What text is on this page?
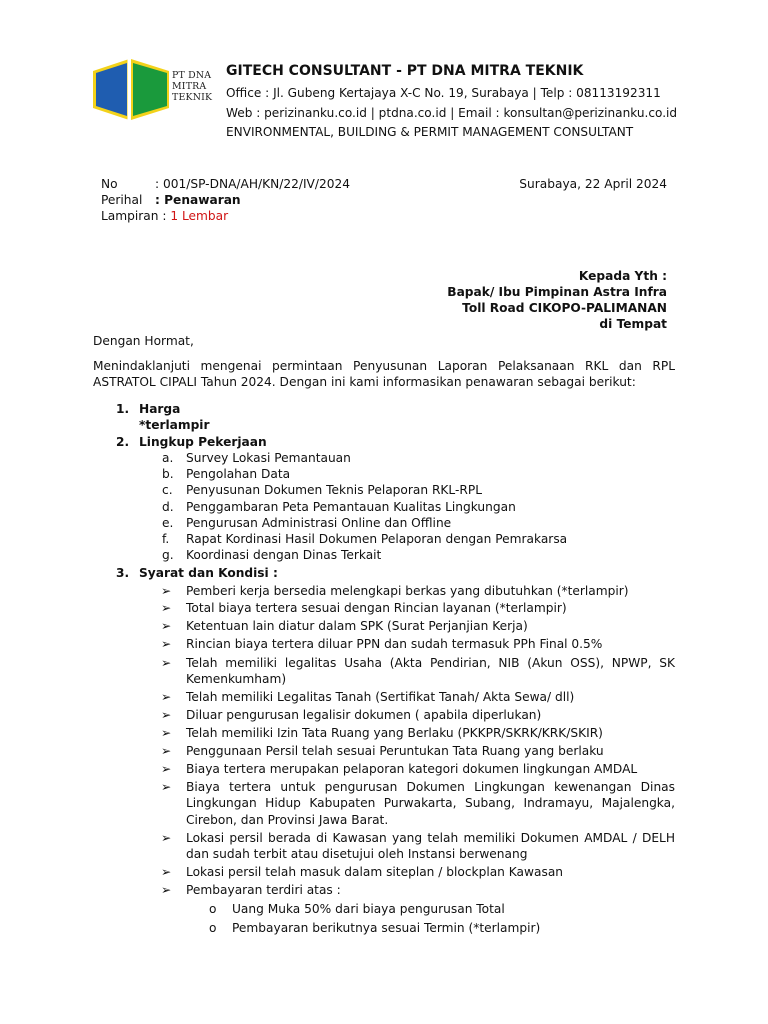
PT DNA
MITRA
TEKNIK
GITECH CONSULTANT - PT DNA MITRA TEKNIK
Office : Jl. Gubeng Kertajaya X-C No. 19, Surabaya | Telp : 08113192311
Web : perizinanku.co.id | ptdna.co.id | Email : konsultan@perizinanku.co.id
ENVIRONMENTAL, BUILDING & PERMIT MANAGEMENT CONSULTANT
No	: 001/SP-DNA/AH/KN/22/IV/2024
Perihal : Penawaran
Lampiran : 1 Lembar
Surabaya, 22 April 2024
Kepada Yth :
Bapak/ Ibu Pimpinan Astra Infra
Toll Road CIKOPO-PALIMANAN
di Tempat
Dengan Hormat,
Menindaklanjuti mengenai permintaan Penyusunan Laporan Pelaksanaan RKL dan RPL ASTRATOL CIPALI Tahun 2024. Dengan ini kami informasikan penawaran sebagai berikut:
1. Harga
*terlampir
2. Lingkup Pekerjaan
a. Survey Lokasi Pemantauan
b. Pengolahan Data
c. Penyusunan Dokumen Teknis Pelaporan RKL-RPL
d. Penggambaran Peta Pemantauan Kualitas Lingkungan
e. Pengurusan Administrasi Online dan Offline
f. Rapat Kordinasi Hasil Dokumen Pelaporan dengan Pemrakarsa
g. Koordinasi dengan Dinas Terkait
3. Syarat dan Kondisi :
➢ Pemberi kerja bersedia melengkapi berkas yang dibutuhkan (*terlampir)
➢ Total biaya tertera sesuai dengan Rincian layanan (*terlampir)
➢ Ketentuan lain diatur dalam SPK (Surat Perjanjian Kerja)
➢ Rincian biaya tertera diluar PPN dan sudah termasuk PPh Final 0.5%
➢ Telah memiliki legalitas Usaha (Akta Pendirian, NIB (Akun OSS), NPWP, SK Kemenkumham)
➢ Telah memiliki Legalitas Tanah (Sertifikat Tanah/ Akta Sewa/ dll)
➢ Diluar pengurusan legalisir dokumen ( apabila diperlukan)
➢ Telah memiliki Izin Tata Ruang yang Berlaku (PKKPR/SKRK/KRK/SKIR)
➢ Penggunaan Persil telah sesuai Peruntukan Tata Ruang yang berlaku
➢ Biaya tertera merupakan pelaporan kategori dokumen lingkungan AMDAL
➢ Biaya tertera untuk pengurusan Dokumen Lingkungan kewenangan Dinas Lingkungan Hidup Kabupaten Purwakarta, Subang, Indramayu, Majalengka, Cirebon, dan Provinsi Jawa Barat.
➢ Lokasi persil berada di Kawasan yang telah memiliki Dokumen AMDAL / DELH dan sudah terbit atau disetujui oleh Instansi berwenang
➢ Lokasi persil telah masuk dalam siteplan / blockplan Kawasan
➢ Pembayaran terdiri atas :
o Uang Muka 50% dari biaya pengurusan Total
o Pembayaran berikutnya sesuai Termin (*terlampir)
